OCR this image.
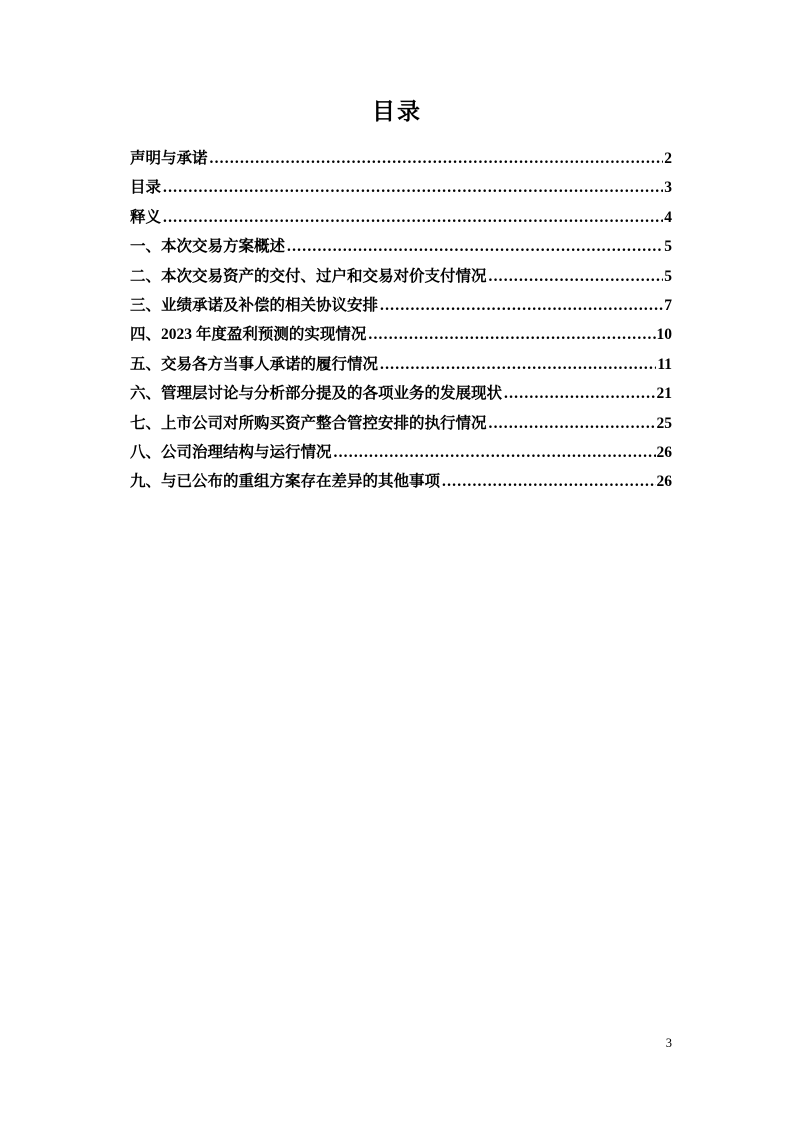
目录
声明与承诺 .....	2
目录 .....	3
释义 .....	4
一、本次交易方案概述 .....	5
二、本次交易资产的交付、过户和交易对价支付情况 .....	5
三、业绩承诺及补偿的相关协议安排 .....	7
四、2023 年度盈利预测的实现情况 .....	10
五、交易各方当事人承诺的履行情况 .....	11
六、管理层讨论与分析部分提及的各项业务的发展现状 .....	21
七、上市公司对所购买资产整合管控安排的执行情况 .....	25
八、公司治理结构与运行情况 .....	26
九、与已公布的重组方案存在差异的其他事项 .....	26
3
